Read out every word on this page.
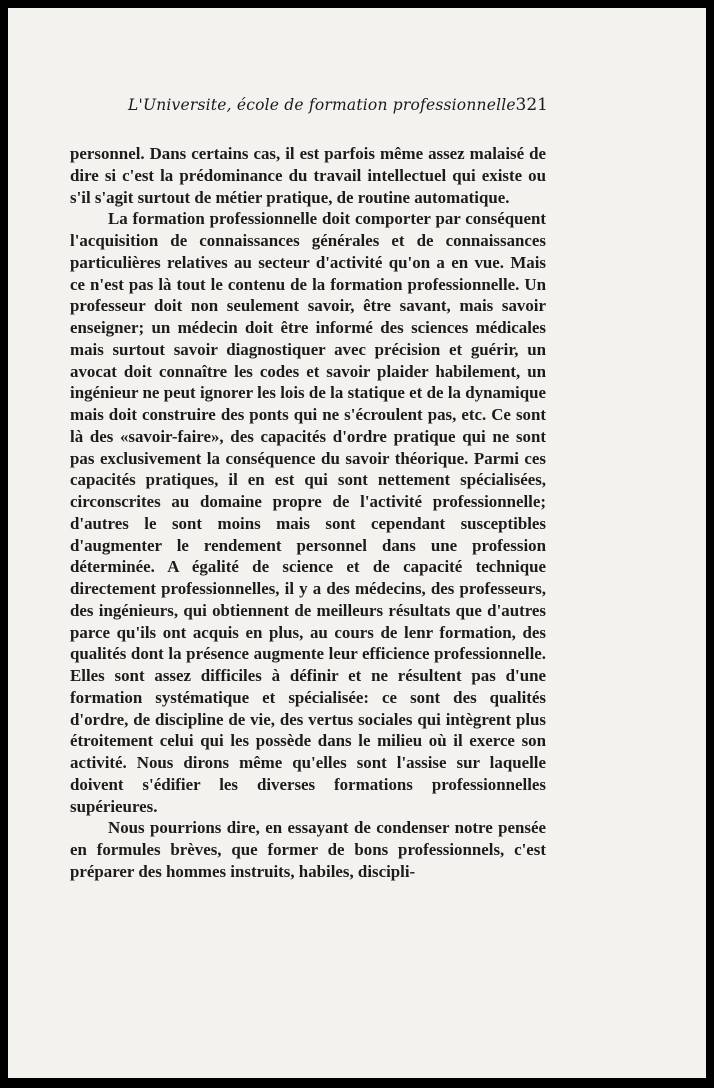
L'Universite, école de formation professionnelle 321

personnel. Dans certains cas, il est parfois même assez malaisé de dire si c'est la prédominance du travail intellectuel qui existe ou s'il s'agit surtout de métier pratique, de routine automatique.

La formation professionnelle doit comporter par conséquent l'acquisition de connaissances générales et de connaissances particulières relatives au secteur d'activité qu'on a en vue. Mais ce n'est pas là tout le contenu de la formation professionnelle. Un professeur doit non seulement savoir, être savant, mais savoir enseigner; un médecin doit être informé des sciences médicales mais surtout savoir diagnostiquer avec précision et guérir, un avocat doit connaître les codes et savoir plaider habilement, un ingénieur ne peut ignorer les lois de la statique et de la dynamique mais doit construire des ponts qui ne s'écroulent pas, etc. Ce sont là des «savoir-faire», des capacités d'ordre pratique qui ne sont pas exclusivement la conséquence du savoir théorique. Parmi ces capacités pratiques, il en est qui sont nettement spécialisées, circonscrites au domaine propre de l'activité professionnelle; d'autres le sont moins mais sont cependant susceptibles d'augmenter le rendement personnel dans une profession déterminée. A égalité de science et de capacité technique directement professionnelles, il y a des médecins, des professeurs, des ingénieurs, qui obtiennent de meilleurs résultats que d'autres parce qu'ils ont acquis en plus, au cours de lenr formation, des qualités dont la présence augmente leur efficience professionnelle. Elles sont assez difficiles à définir et ne résultent pas d'une formation systématique et spécialisée: ce sont des qualités d'ordre, de discipline de vie, des vertus sociales qui intègrent plus étroitement celui qui les possède dans le milieu où il exerce son activité. Nous dirons même qu'elles sont l'assise sur laquelle doivent s'édifier les diverses formations professionnelles supérieures.

Nous pourrions dire, en essayant de condenser notre pensée en formules brèves, que former de bons professionnels, c'est préparer des hommes instruits, habiles, discipli-
